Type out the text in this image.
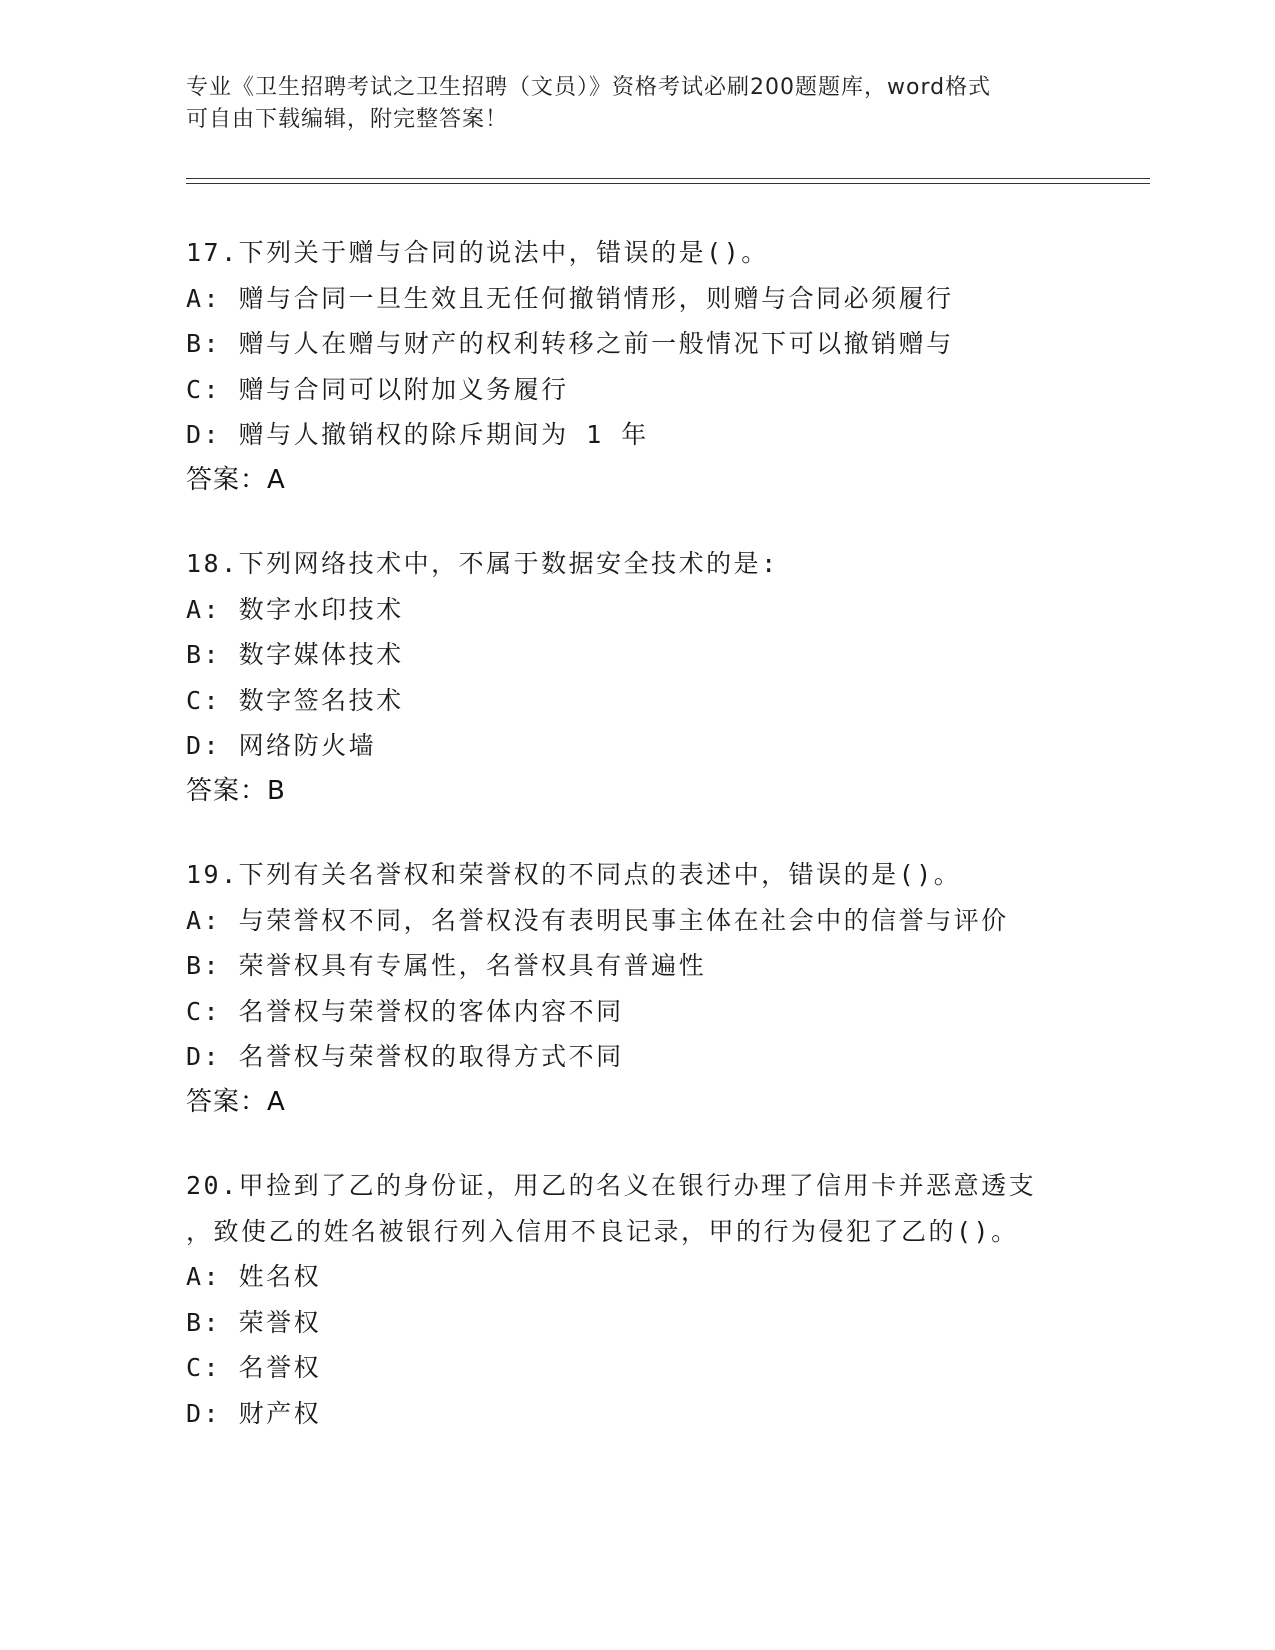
专业《卫生招聘考试之卫生招聘（文员）》资格考试必刷200题题库，word格式

可自由下载编辑，附完整答案！

17.下列关于赠与合同的说法中，错误的是()。
A: 赠与合同一旦生效且无任何撤销情形，则赠与合同必须履行
B: 赠与人在赠与财产的权利转移之前一般情况下可以撤销赠与
C: 赠与合同可以附加义务履行
D: 赠与人撤销权的除斥期间为 1 年
答案：A
18.下列网络技术中，不属于数据安全技术的是:
A: 数字水印技术
B: 数字媒体技术
C: 数字签名技术
D: 网络防火墙
答案：B
19.下列有关名誉权和荣誉权的不同点的表述中，错误的是()。
A: 与荣誉权不同，名誉权没有表明民事主体在社会中的信誉与评价
B: 荣誉权具有专属性，名誉权具有普遍性
C: 名誉权与荣誉权的客体内容不同
D: 名誉权与荣誉权的取得方式不同
答案：A
20.甲捡到了乙的身份证，用乙的名义在银行办理了信用卡并恶意透支
，致使乙的姓名被银行列入信用不良记录，甲的行为侵犯了乙的()。
A: 姓名权
B: 荣誉权
C: 名誉权
D: 财产权
